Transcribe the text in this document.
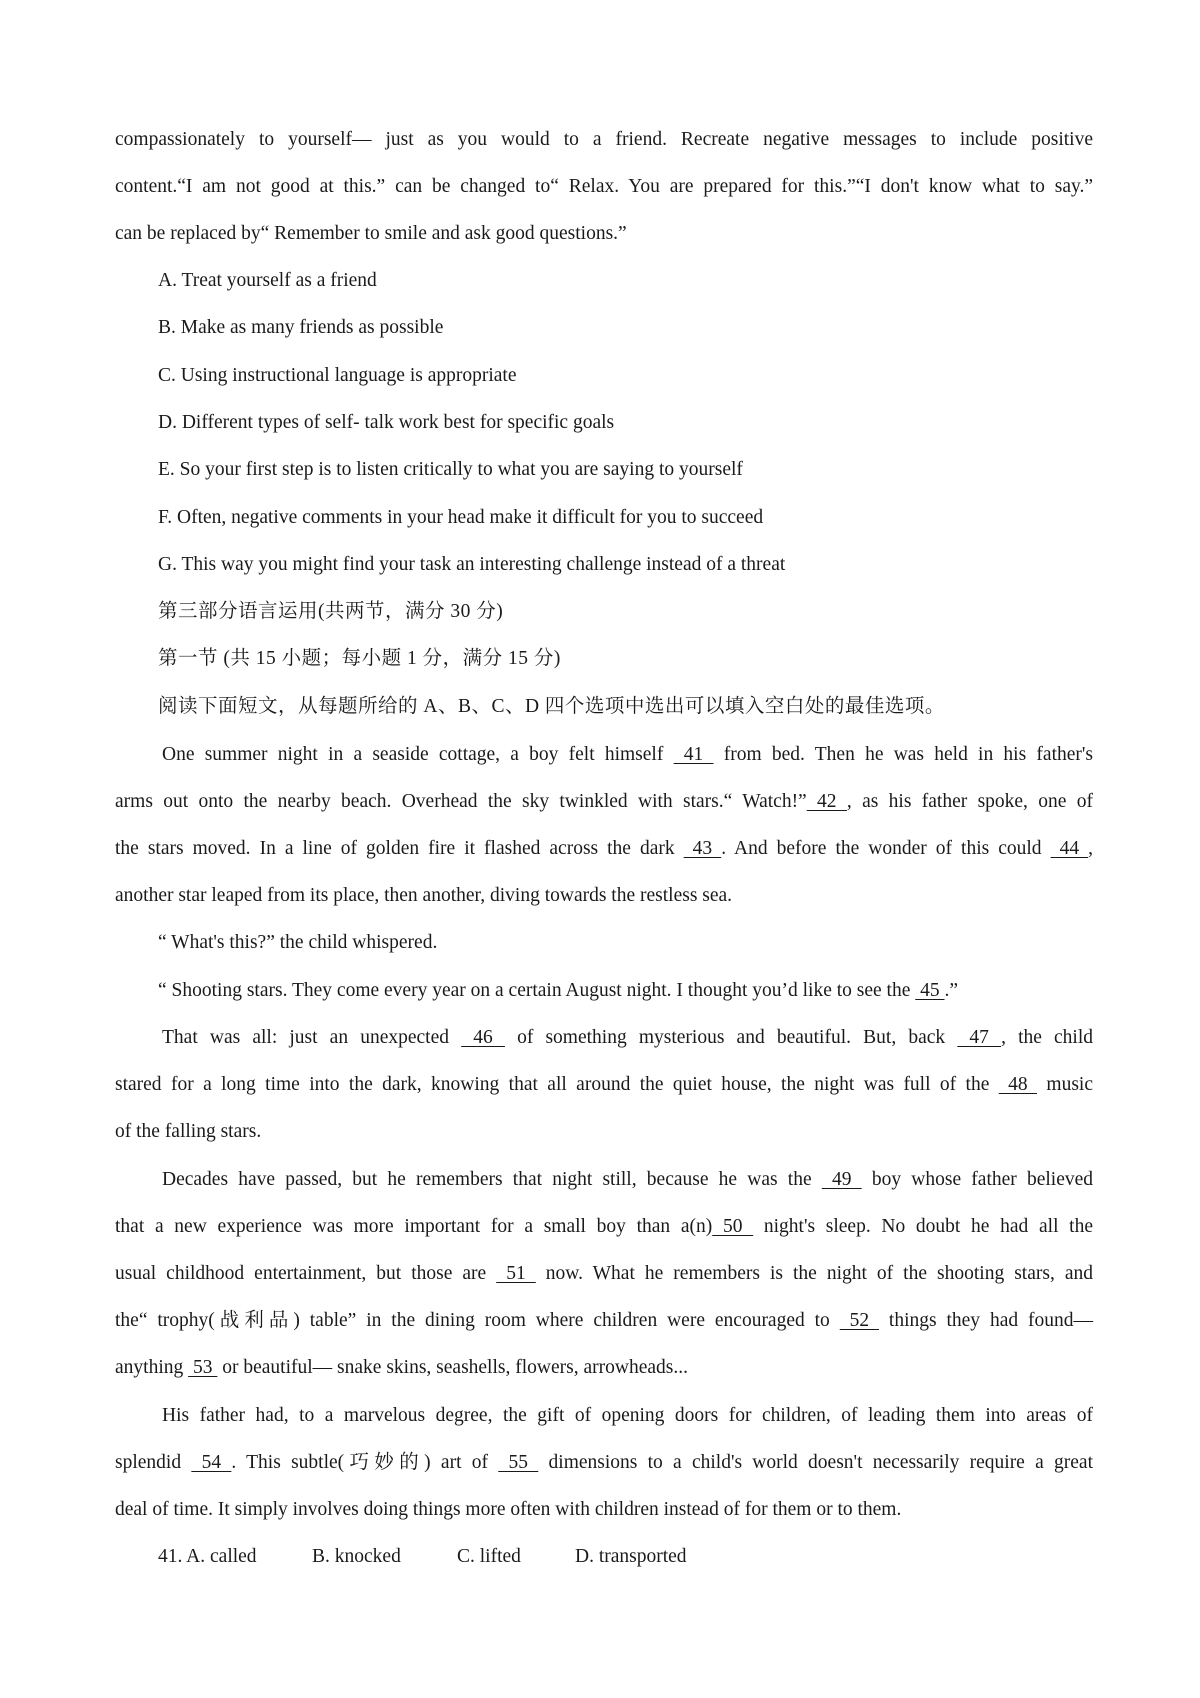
compassionately to yourself— just as you would to a friend. Recreate negative messages to include positive
content.“I am not good at this.” can be changed to“ Relax. You are prepared for this.”“I don't know what to say.”
can be replaced by“ Remember to smile and ask good questions.”
A. Treat yourself as a friend
B. Make as many friends as possible
C. Using instructional language is appropriate
D. Different types of self- talk work best for specific goals
E. So your first step is to listen critically to what you are saying to yourself
F. Often, negative comments in your head make it difficult for you to succeed
G. This way you might find your task an interesting challenge instead of a threat
第三部分语言运用(共两节，满分 30 分)
第一节 (共 15 小题；每小题 1 分，满分 15 分)
阅读下面短文，从每题所给的 A、B、C、D 四个选项中选出可以填入空白处的最佳选项。
One summer night in a seaside cottage, a boy felt himself  41  from bed. Then he was held in his father's
arms out onto the nearby beach. Overhead the sky twinkled with stars.“ Watch!” 42 , as his father spoke, one of
the stars moved. In a line of golden fire it flashed across the dark  43 . And before the wonder of this could  44 ,
another star leaped from its place, then another, diving towards the restless sea.
“ What's this?” the child whispered.
“ Shooting stars. They come every year on a certain August night. I thought you’d like to see the  45 .”
That was all: just an unexpected  46  of something mysterious and beautiful. But, back  47 , the child
stared for a long time into the dark, knowing that all around the quiet house, the night was full of the  48  music
of the falling stars.
Decades have passed, but he remembers that night still, because he was the  49  boy whose father believed
that a new experience was more important for a small boy than a(n) 50  night's sleep. No doubt he had all the
usual childhood entertainment, but those are  51  now. What he remembers is the night of the shooting stars, and
the“ trophy(战利品) table” in the dining room where children were encouraged to  52  things they had found—
anything  53  or beautiful— snake skins, seashells, flowers, arrowheads...
His father had, to a marvelous degree, the gift of opening doors for children, of leading them into areas of
splendid  54 . This subtle(巧妙的) art of  55  dimensions to a child's world doesn't necessarily require a great
deal of time. It simply involves doing things more often with children instead of for them or to them.
41. A. called	B. knocked	C. lifted	D. transported
